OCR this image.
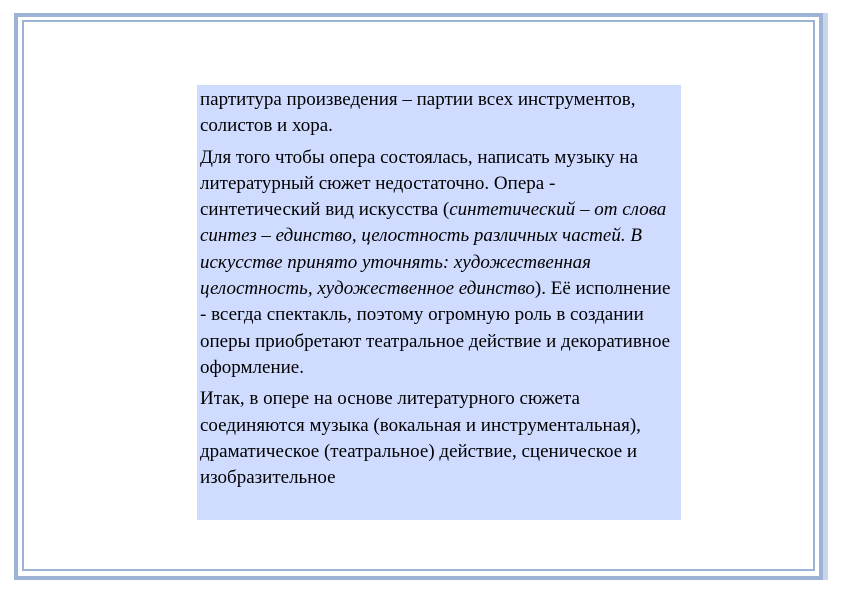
партитура произведения – партии всех инструментов, солистов и хора.

Для того чтобы опера состоялась, написать музыку на литературный сюжет недостаточно. Опера - синтетический вид искусства (синтетический – от слова синтез – единство, целостность различных частей. В искусстве принято уточнять: художественная целостность, художественное единство). Её исполнение - всегда спектакль, поэтому огромную роль в создании оперы приобретают театральное действие и декоративное оформление.

Итак, в опере на основе литературного сюжета соединяются музыка (вокальная и инструментальная), драматическое (театральное) действие, сценическое и изобразительное
